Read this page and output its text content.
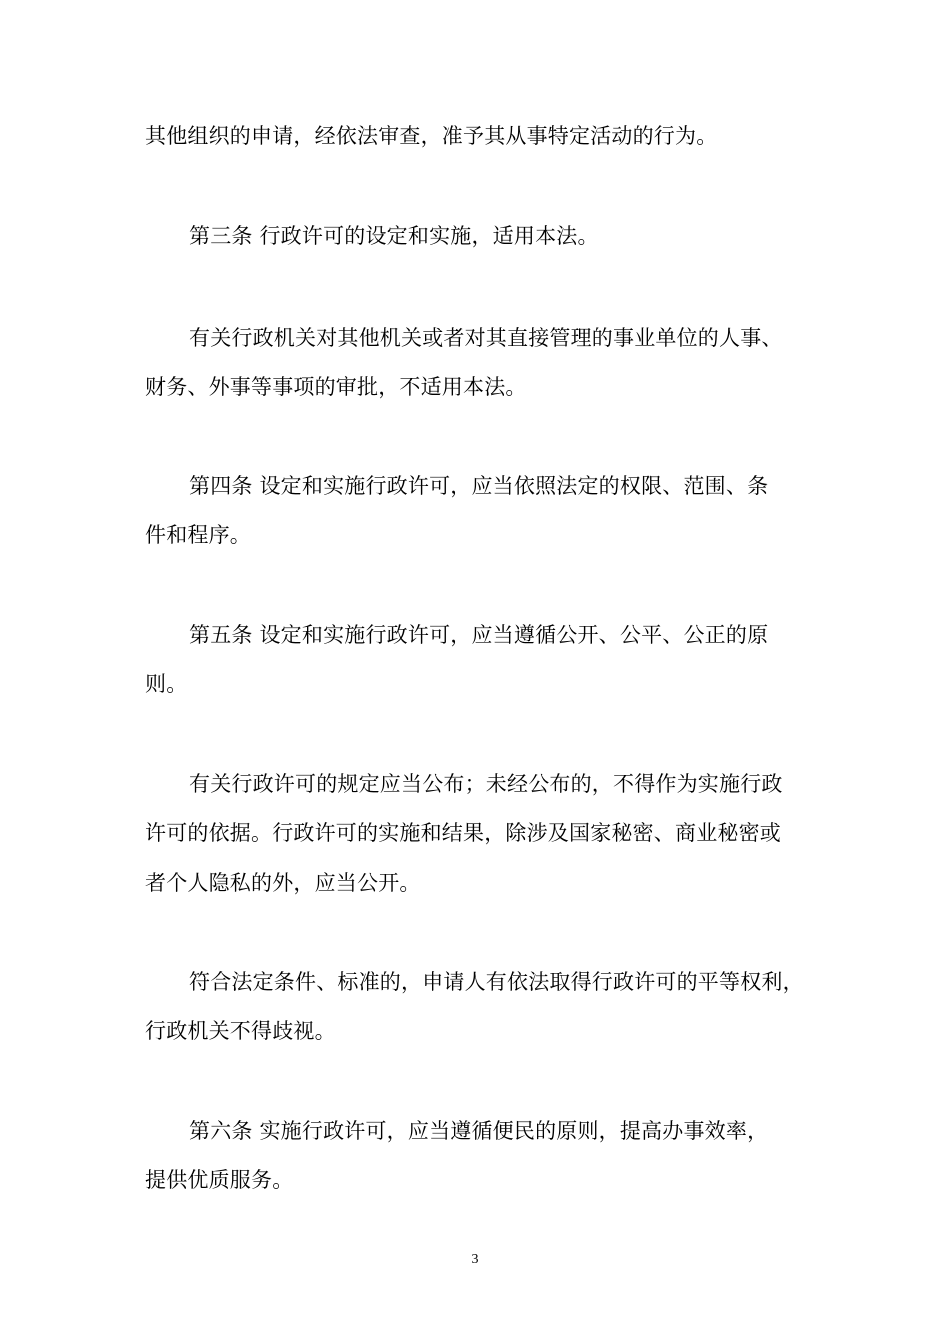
其他组织的申请，经依法审查，准予其从事特定活动的行为。
第三条 行政许可的设定和实施，适用本法。
有关行政机关对其他机关或者对其直接管理的事业单位的人事、
财务、外事等事项的审批，不适用本法。
第四条 设定和实施行政许可，应当依照法定的权限、范围、条
件和程序。
第五条 设定和实施行政许可，应当遵循公开、公平、公正的原
则。
有关行政许可的规定应当公布；未经公布的，不得作为实施行政
许可的依据。行政许可的实施和结果，除涉及国家秘密、商业秘密或
者个人隐私的外，应当公开。
符合法定条件、标准的，申请人有依法取得行政许可的平等权利，
行政机关不得歧视。
第六条 实施行政许可，应当遵循便民的原则，提高办事效率，
提供优质服务。
3
